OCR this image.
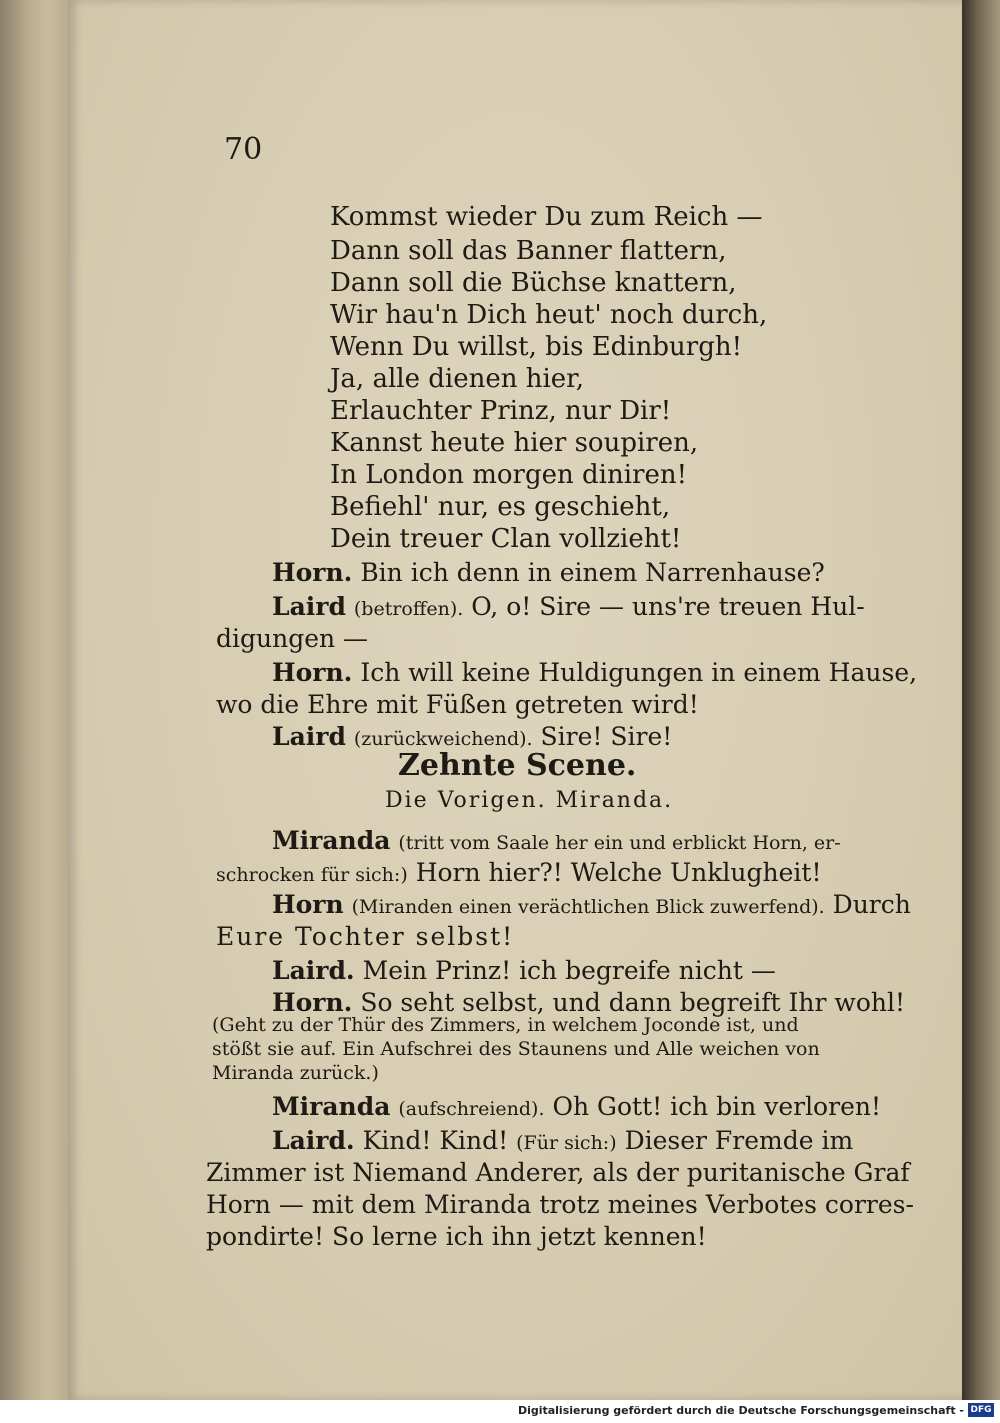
70
Kommst wieder Du zum Reich —
Dann soll das Banner flattern,
Dann soll die Büchse knattern,
Wir hau'n Dich heut' noch durch,
Wenn Du willst, bis Edinburgh!
Ja, alle dienen hier,
Erlauchter Prinz, nur Dir!
Kannst heute hier soupiren,
In London morgen diniren!
Befiehl' nur, es geschieht,
Dein treuer Clan vollzieht!
Horn. Bin ich denn in einem Narrenhause?
Laird (betroffen). O, o! Sire — uns're treuen Hul-
digungen —
Horn. Ich will keine Huldigungen in einem Hause,
wo die Ehre mit Füßen getreten wird!
Laird (zurückweichend). Sire! Sire!
Zehnte Scene.
Die Vorigen. Miranda.
Miranda (tritt vom Saale her ein und erblickt Horn, er-
schrocken für sich:) Horn hier?! Welche Unklugheit!
Horn (Miranden einen verächtlichen Blick zuwerfend). Durch
Eure Tochter selbst!
Laird. Mein Prinz! ich begreife nicht —
Horn. So seht selbst, und dann begreift Ihr wohl!
(Geht zu der Thür des Zimmers, in welchem Joconde ist, und
stößt sie auf. Ein Aufschrei des Staunens und Alle weichen von
Miranda zurück.)
Miranda (aufschreiend). Oh Gott! ich bin verloren!
Laird. Kind! Kind! (Für sich:) Dieser Fremde im
Zimmer ist Niemand Anderer, als der puritanische Graf
Horn — mit dem Miranda trotz meines Verbotes corres-
pondirte! So lerne ich ihn jetzt kennen!
Digitalisierung gefördert durch die Deutsche Forschungsgemeinschaft - DFG
